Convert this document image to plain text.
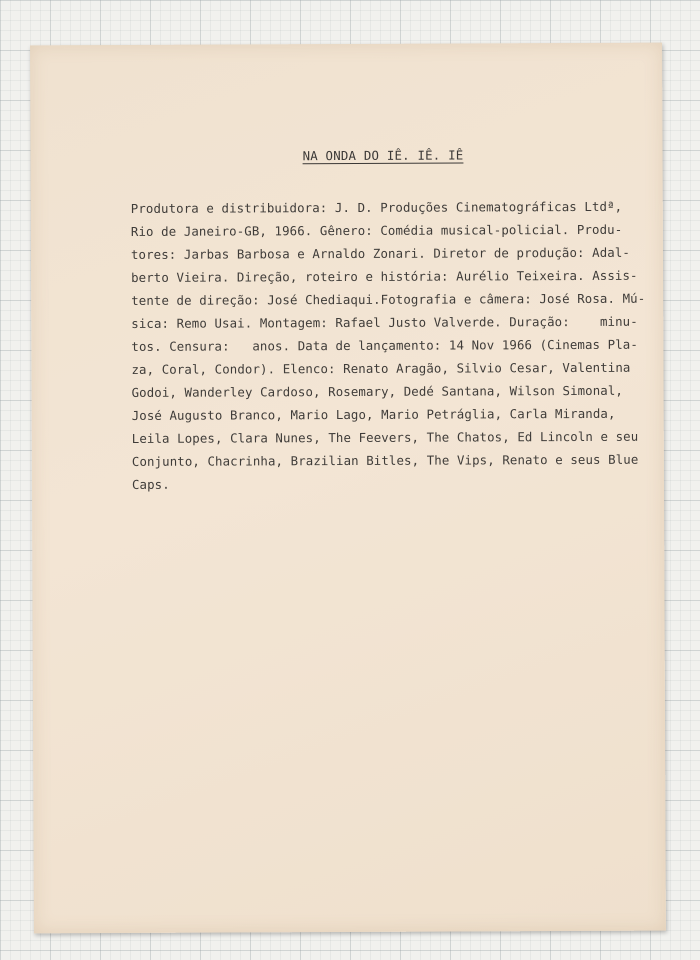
NA ONDA DO IÊ. IÊ. IÊ
Produtora e distribuidora: J. D. Produções Cinematográficas Ltdª,
Rio de Janeiro-GB, 1966. Gênero: Comédia musical-policial. Produ-
tores: Jarbas Barbosa e Arnaldo Zonari. Diretor de produção: Adal-
berto Vieira. Direção, roteiro e história: Aurélio Teixeira. Assis-
tente de direção: José Chediaqui.Fotografia e câmera: José Rosa. Mú-
sica: Remo Usai. Montagem: Rafael Justo Valverde. Duração:    minu-
tos. Censura:   anos. Data de lançamento: 14 Nov 1966 (Cinemas Pla-
za, Coral, Condor). Elenco: Renato Aragão, Silvio Cesar, Valentina
Godoi, Wanderley Cardoso, Rosemary, Dedé Santana, Wilson Simonal,
José Augusto Branco, Mario Lago, Mario Petráglia, Carla Miranda,
Leila Lopes, Clara Nunes, The Feevers, The Chatos, Ed Lincoln e seu
Conjunto, Chacrinha, Brazilian Bitles, The Vips, Renato e seus Blue
Caps.
